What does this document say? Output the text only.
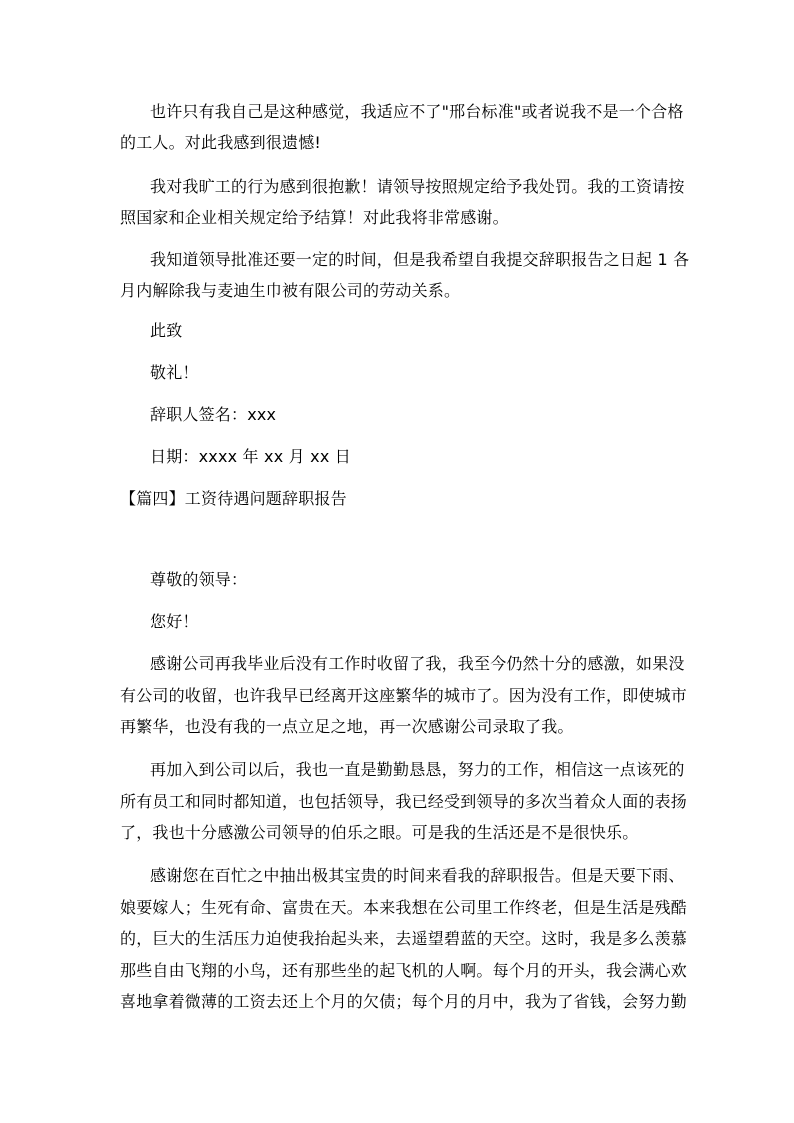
也许只有我自己是这种感觉，我适应不了"邢台标准"或者说我不是一个合格
的工人。对此我感到很遗憾!
我对我旷工的行为感到很抱歉！请领导按照规定给予我处罚。我的工资请按
照国家和企业相关规定给予结算！对此我将非常感谢。
我知道领导批准还要一定的时间，但是我希望自我提交辞职报告之日起 1 各
月内解除我与麦迪生巾被有限公司的劳动关系。
此致
敬礼！
辞职人签名：xxx
日期：xxxx 年 xx 月 xx 日
【篇四】工资待遇问题辞职报告
尊敬的领导：
您好！
感谢公司再我毕业后没有工作时收留了我，我至今仍然十分的感激，如果没
有公司的收留，也许我早已经离开这座繁华的城市了。因为没有工作，即使城市
再繁华，也没有我的一点立足之地，再一次感谢公司录取了我。
再加入到公司以后，我也一直是勤勤恳恳，努力的工作，相信这一点该死的
所有员工和同时都知道，也包括领导，我已经受到领导的多次当着众人面的表扬
了，我也十分感激公司领导的伯乐之眼。可是我的生活还是不是很快乐。
感谢您在百忙之中抽出极其宝贵的时间来看我的辞职报告。但是天要下雨、
娘要嫁人；生死有命、富贵在天。本来我想在公司里工作终老，但是生活是残酷
的，巨大的生活压力迫使我抬起头来，去遥望碧蓝的天空。这时，我是多么羡慕
那些自由飞翔的小鸟，还有那些坐的起飞机的人啊。每个月的开头，我会满心欢
喜地拿着微薄的工资去还上个月的欠债；每个月的月中，我为了省钱，会努力勤
